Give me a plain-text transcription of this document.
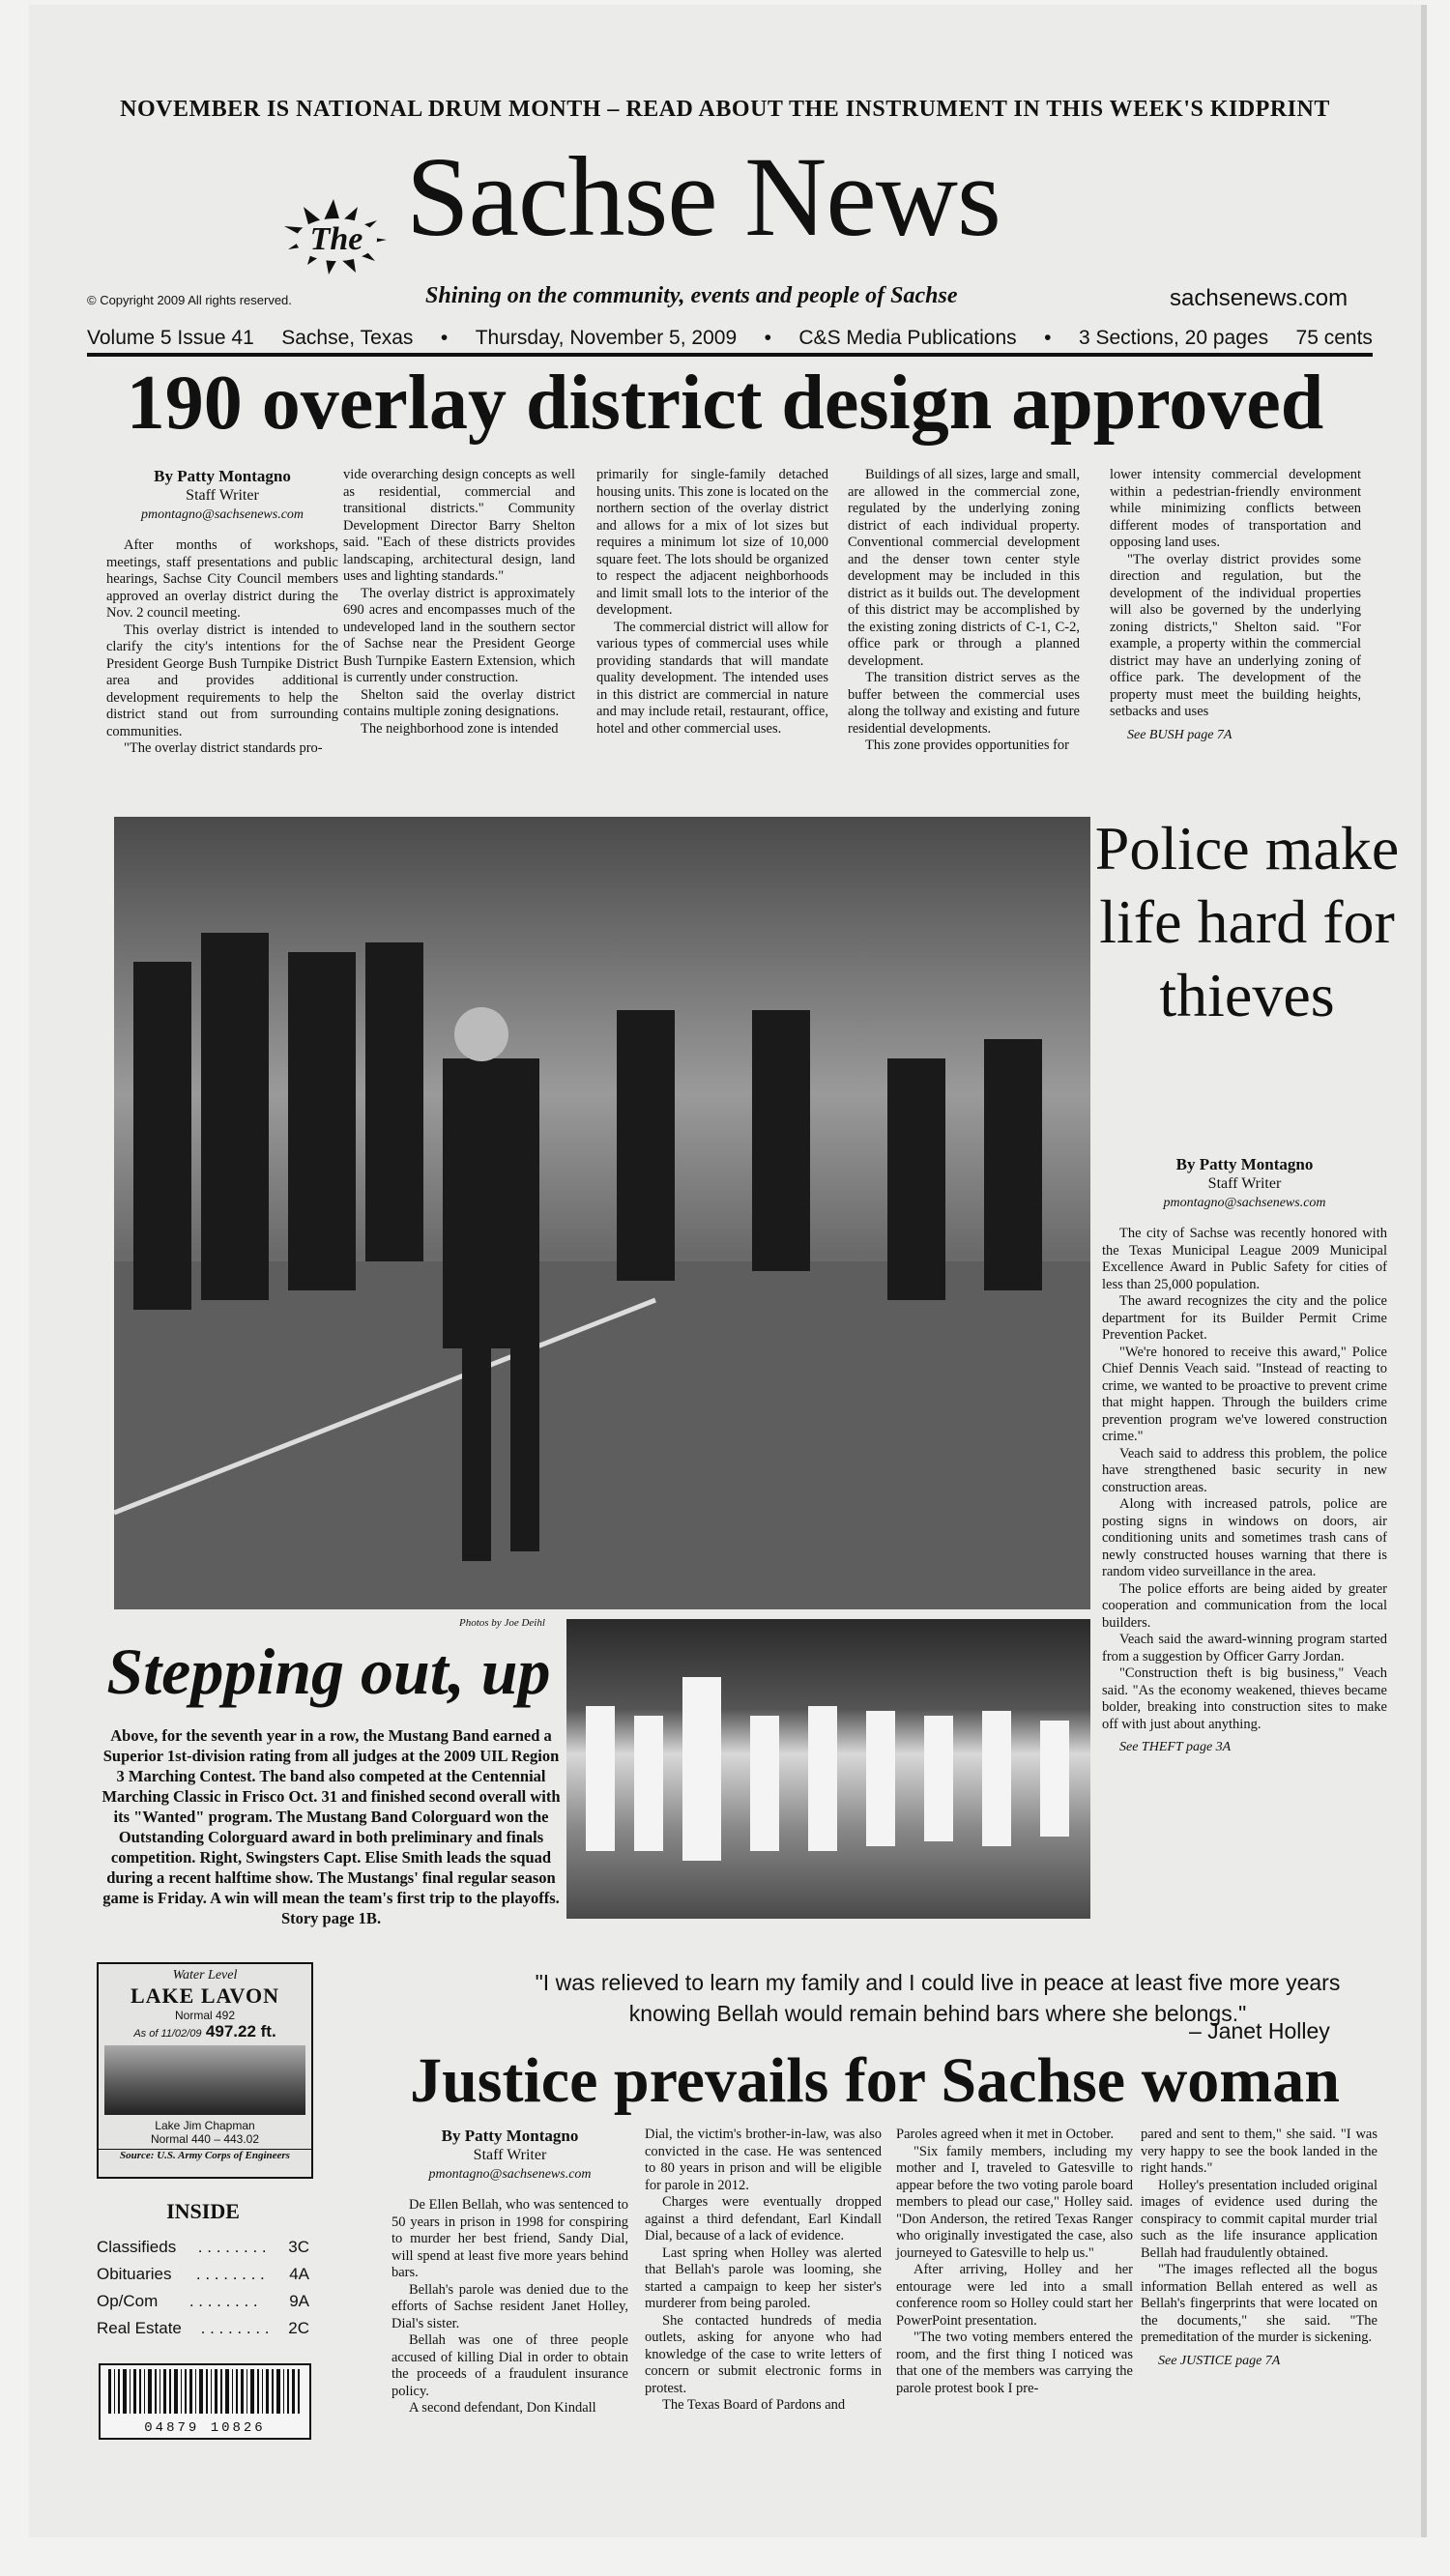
NOVEMBER IS NATIONAL DRUM MONTH – READ ABOUT THE INSTRUMENT IN THIS WEEK'S KIDPRINT
The Sachse News
© Copyright 2009 All rights reserved.	Shining on the community, events and people of Sachse	sachsenews.com
Volume 5 Issue 41 Sachse, Texas • Thursday, November 5, 2009 • C&S Media Publications • 3 Sections, 20 pages 75 cents
190 overlay district design approved
By Patty Montagno
Staff Writer
pmontagno@sachsenews.com

After months of workshops, meetings, staff presentations and public hearings, Sachse City Council members approved an overlay district during the Nov. 2 council meeting.

This overlay district is intended to clarify the city's intentions for the President George Bush Turnpike District area and provides additional development requirements to help the district stand out from surrounding communities.

"The overlay district standards pro-

vide overarching design concepts as well as residential, commercial and transitional districts." Community Development Director Barry Shelton said. "Each of these districts provides landscaping, architectural design, land uses and lighting standards."

The overlay district is approximately 690 acres and encompasses much of the undeveloped land in the southern sector of Sachse near the President George Bush Turnpike Eastern Extension, which is currently under construction.

Shelton said the overlay district contains multiple zoning designations.

The neighborhood zone is intended

primarily for single-family detached housing units. This zone is located on the northern section of the overlay district and allows for a mix of lot sizes but requires a minimum lot size of 10,000 square feet. The lots should be organized to respect the adjacent neighborhoods and limit small lots to the interior of the development.

The commercial district will allow for various types of commercial uses while providing standards that will mandate quality development. The intended uses in this district are commercial in nature and may include retail, restaurant, office, hotel and other commercial uses.

Buildings of all sizes, large and small, are allowed in the commercial zone, regulated by the underlying zoning district of each individual property. Conventional commercial development and the denser town center style development may be included in this district as it builds out. The development of this district may be accomplished by the existing zoning districts of C-1, C-2, office park or through a planned development.

The transition district serves as the buffer between the commercial uses along the tollway and existing and future residential developments.

This zone provides opportunities for

lower intensity commercial development within a pedestrian-friendly environment while minimizing conflicts between different modes of transportation and opposing land uses.

"The overlay district provides some direction and regulation, but the development of the individual properties will also be governed by the underlying zoning districts," Shelton said. "For example, a property within the commercial district may have an underlying zoning of office park. The development of the property must meet the building heights, setbacks and uses

See BUSH page 7A
Photos by Joe Deihl
Stepping out, up
Above, for the seventh year in a row, the Mustang Band earned a Superior 1st-division rating from all judges at the 2009 UIL Region 3 Marching Contest. The band also competed at the Centennial Marching Classic in Frisco Oct. 31 and finished second overall with its "Wanted" program. The Mustang Band Colorguard won the Outstanding Colorguard award in both preliminary and finals competition. Right, Swingsters Capt. Elise Smith leads the squad during a recent halftime show. The Mustangs' final regular season game is Friday. A win will mean the team's first trip to the playoffs. Story page 1B.
Police make life hard for thieves
By Patty Montagno
Staff Writer
pmontagno@sachsenews.com

The city of Sachse was recently honored with the Texas Municipal League 2009 Municipal Excellence Award in Public Safety for cities of less than 25,000 population.

The award recognizes the city and the police department for its Builder Permit Crime Prevention Packet.

"We're honored to receive this award," Police Chief Dennis Veach said. "Instead of reacting to crime, we wanted to be proactive to prevent crime that might happen. Through the builders crime prevention program we've lowered construction crime."

Veach said to address this problem, the police have strengthened basic security in new construction areas.

Along with increased patrols, police are posting signs in windows on doors, air conditioning units and sometimes trash cans of newly constructed houses warning that there is random video surveillance in the area.

The police efforts are being aided by greater cooperation and communication from the local builders.

Veach said the award-winning program started from a suggestion by Officer Garry Jordan.

"Construction theft is big business," Veach said. "As the economy weakened, thieves became bolder, breaking into construction sites to make off with just about anything.

See THEFT page 3A
Water Level
LAKE LAVON
Normal 492
As of 11/02/09 497.22 ft.
Lake Jim Chapman
Normal 440 – 443.02
Source: U.S. Army Corps of Engineers
INSIDE
Classifieds . . . . . . . . 3C
Obituaries . . . . . . . . 4A
Op/Com . . . . . . . . 9A
Real Estate . . . . . . . . 2C
04879 10826
"I was relieved to learn my family and I could live in peace at least five more years knowing Bellah would remain behind bars where she belongs."
– Janet Holley
Justice prevails for Sachse woman
By Patty Montagno
Staff Writer
pmontagno@sachsenews.com

De Ellen Bellah, who was sentenced to 50 years in prison in 1998 for conspiring to murder her best friend, Sandy Dial, will spend at least five more years behind bars.

Bellah's parole was denied due to the efforts of Sachse resident Janet Holley, Dial's sister.

Bellah was one of three people accused of killing Dial in order to obtain the proceeds of a fraudulent insurance policy.

A second defendant, Don Kindall

Dial, the victim's brother-in-law, was also convicted in the case. He was sentenced to 80 years in prison and will be eligible for parole in 2012.

Charges were eventually dropped against a third defendant, Earl Kindall Dial, because of a lack of evidence.

Last spring when Holley was alerted that Bellah's parole was looming, she started a campaign to keep her sister's murderer from being paroled.

She contacted hundreds of media outlets, asking for anyone who had knowledge of the case to write letters of concern or submit electronic forms in protest.

The Texas Board of Pardons and

Paroles agreed when it met in October.

"Six family members, including my mother and I, traveled to Gatesville to appear before the two voting parole board members to plead our case," Holley said. "Don Anderson, the retired Texas Ranger who originally investigated the case, also journeyed to Gatesville to help us."

After arriving, Holley and her entourage were led into a small conference room so Holley could start her PowerPoint presentation.

"The two voting members entered the room, and the first thing I noticed was that one of the members was carrying the parole protest book I pre-

pared and sent to them," she said. "I was very happy to see the book landed in the right hands."

Holley's presentation included original images of evidence used during the conspiracy to commit capital murder trial such as the life insurance application Bellah had fraudulently obtained.

"The images reflected all the bogus information Bellah entered as well as Bellah's fingerprints that were located on the documents," she said. "The premeditation of the murder is sickening.

See JUSTICE page 7A
